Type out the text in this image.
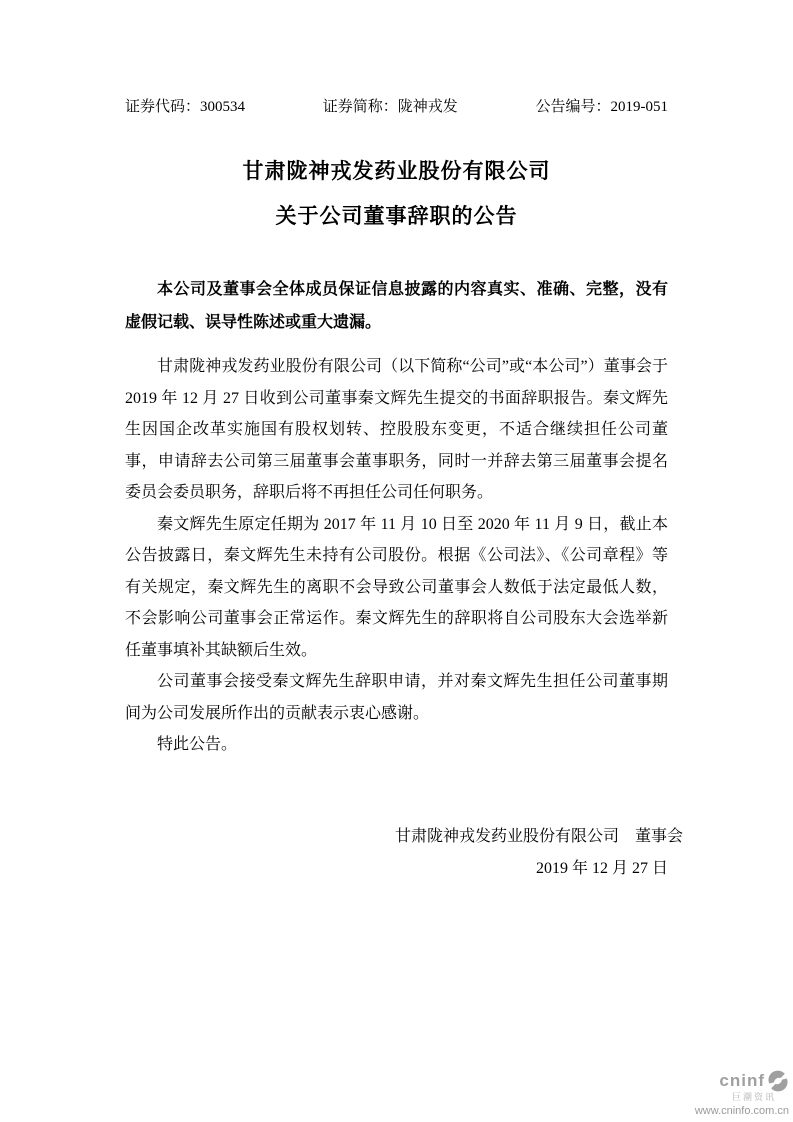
证券代码：300534	证券简称：陇神戎发	公告编号：2019-051
甘肃陇神戎发药业股份有限公司
关于公司董事辞职的公告
本公司及董事会全体成员保证信息披露的内容真实、准确、完整，没有虚假记载、误导性陈述或重大遗漏。

甘肃陇神戎发药业股份有限公司（以下简称“公司”或“本公司”）董事会于 2019 年 12 月 27 日收到公司董事秦文辉先生提交的书面辞职报告。秦文辉先生因国企改革实施国有股权划转、控股股东变更，不适合继续担任公司董事，申请辞去公司第三届董事会董事职务，同时一并辞去第三届董事会提名委员会委员职务，辞职后将不再担任公司任何职务。

秦文辉先生原定任期为 2017 年 11 月 10 日至 2020 年 11 月 9 日，截止本公告披露日，秦文辉先生未持有公司股份。根据《公司法》、《公司章程》等有关规定，秦文辉先生的离职不会导致公司董事会人数低于法定最低人数，不会影响公司董事会正常运作。秦文辉先生的辞职将自公司股东大会选举新任董事填补其缺额后生效。

公司董事会接受秦文辉先生辞职申请，并对秦文辉先生担任公司董事期间为公司发展所作出的贡献表示衷心感谢。

特此公告。

甘肃陇神戎发药业股份有限公司　董事会
2019 年 12 月 27 日
cninf
巨潮资讯
www.cninfo.com.cn
